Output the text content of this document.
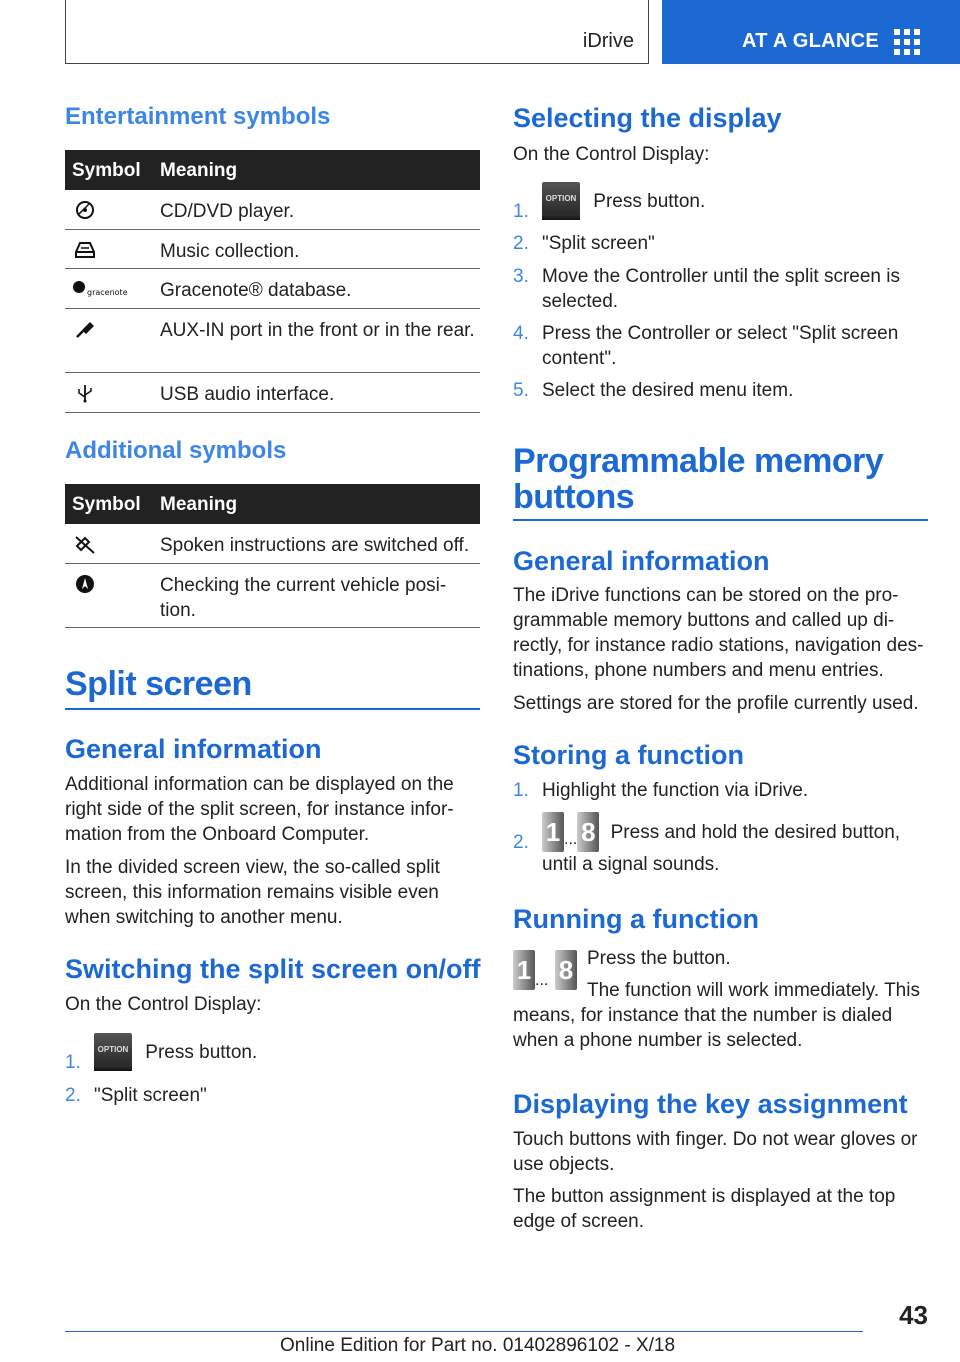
iDrive	AT A GLANCE
Entertainment symbols
Symbol Meaning
CD/DVD player.
Music collection.
gracenote Gracenote® database.
AUX-IN port in the front or in the rear.
USB audio interface.
Additional symbols
Symbol Meaning
Spoken instructions are switched off.
Checking the current vehicle posi‐tion.
Split screen
General information
Additional information can be displayed on the right side of the split screen, for instance infor‐mation from the Onboard Computer.
In the divided screen view, the so-called split screen, this information remains visible even when switching to another menu.
Switching the split screen on/off
On the Control Display:
1.
OPTION Press button.
2. "Split screen"
Selecting the display
On the Control Display:
1.
OPTION Press button.
2. "Split screen"
3. Move the Controller until the split screen is selected.
4. Press the Controller or select "Split screen content".
5. Select the desired menu item.
Programmable memory buttons
General information
The iDrive functions can be stored on the pro‐grammable memory buttons and called up di‐rectly, for instance radio stations, navigation des‐tinations, phone numbers and menu entries.
Settings are stored for the profile currently used.
Storing a function
1. Highlight the function via iDrive.
2. 1 ... 8 Press and hold the desired button, until a signal sounds.
Running a function
1 ... 8 Press the button.
The function will work immediately. This means, for instance that the number is dialed when a phone number is selected.
Displaying the key assignment
Touch buttons with finger. Do not wear gloves or use objects.
The button assignment is displayed at the top edge of screen.
43
Online Edition for Part no. 01402896102 - X/18
